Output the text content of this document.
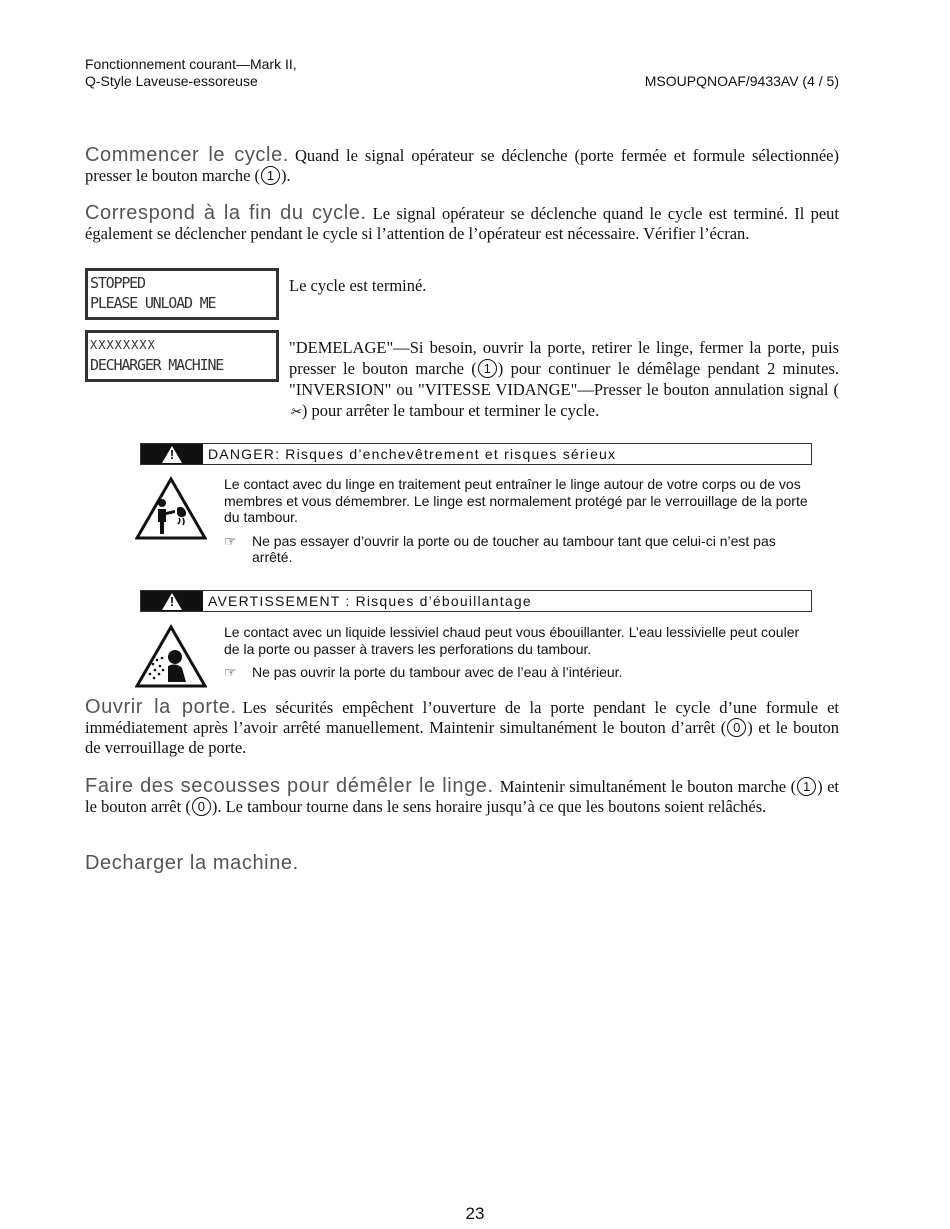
Fonctionnement courant—Mark II,
Q-Style Laveuse-essoreuse	MSOUPQNOAF/9433AV (4 / 5)
Commencer le cycle. Quand le signal opérateur se déclenche (porte fermée et formule sélectionnée) presser le bouton marche ( 1 ).
Correspond à la fin du cycle. Le signal opérateur se déclenche quand le cycle est terminé. Il peut également se déclencher pendant le cycle si l’attention de l’opérateur est nécessaire. Vérifier l’écran.
STOPPED
PLEASE UNLOAD ME
Le cycle est terminé.
XXXXXXXX
DECHARGER MACHINE
"DEMELAGE"—Si besoin, ouvrir la porte, retirer le linge, fermer la porte, puis presser le bouton marche ( 1 ) pour continuer le démêlage pendant 2 minutes. "INVERSION" ou "VITESSE VIDANGE"—Presser le bouton annulation signal (✂) pour arrêter le tambour et terminer le cycle.
! DANGER: Risques d’enchevêtrement et risques sérieux

Le contact avec du linge en traitement peut entraîner le linge autour de votre corps ou de vos membres et vous démembrer. Le linge est normalement protégé par le verrouillage de la porte du tambour.

☞	Ne pas essayer d’ouvrir la porte ou de toucher au tambour tant que celui-ci n’est pas arrêté.
! AVERTISSEMENT : Risques d’ébouillantage

Le contact avec un liquide lessiviel chaud peut vous ébouillanter. L’eau lessivielle peut couler de la porte ou passer à travers les perforations du tambour.

☞	Ne pas ouvrir la porte du tambour avec de l’eau à l’intérieur.
Ouvrir la porte. Les sécurités empêchent l’ouverture de la porte pendant le cycle d’une formule et immédiatement après l’avoir arrêté manuellement. Maintenir simultanément le bouton d’arrêt ( 0 ) et le bouton de verrouillage de porte.
Faire des secousses pour démêler le linge. Maintenir simultanément le bouton marche ( 1 ) et le bouton arrêt ( 0 ). Le tambour tourne dans le sens horaire jusqu’à ce que les boutons soient relâchés.
Decharger la machine.
23
